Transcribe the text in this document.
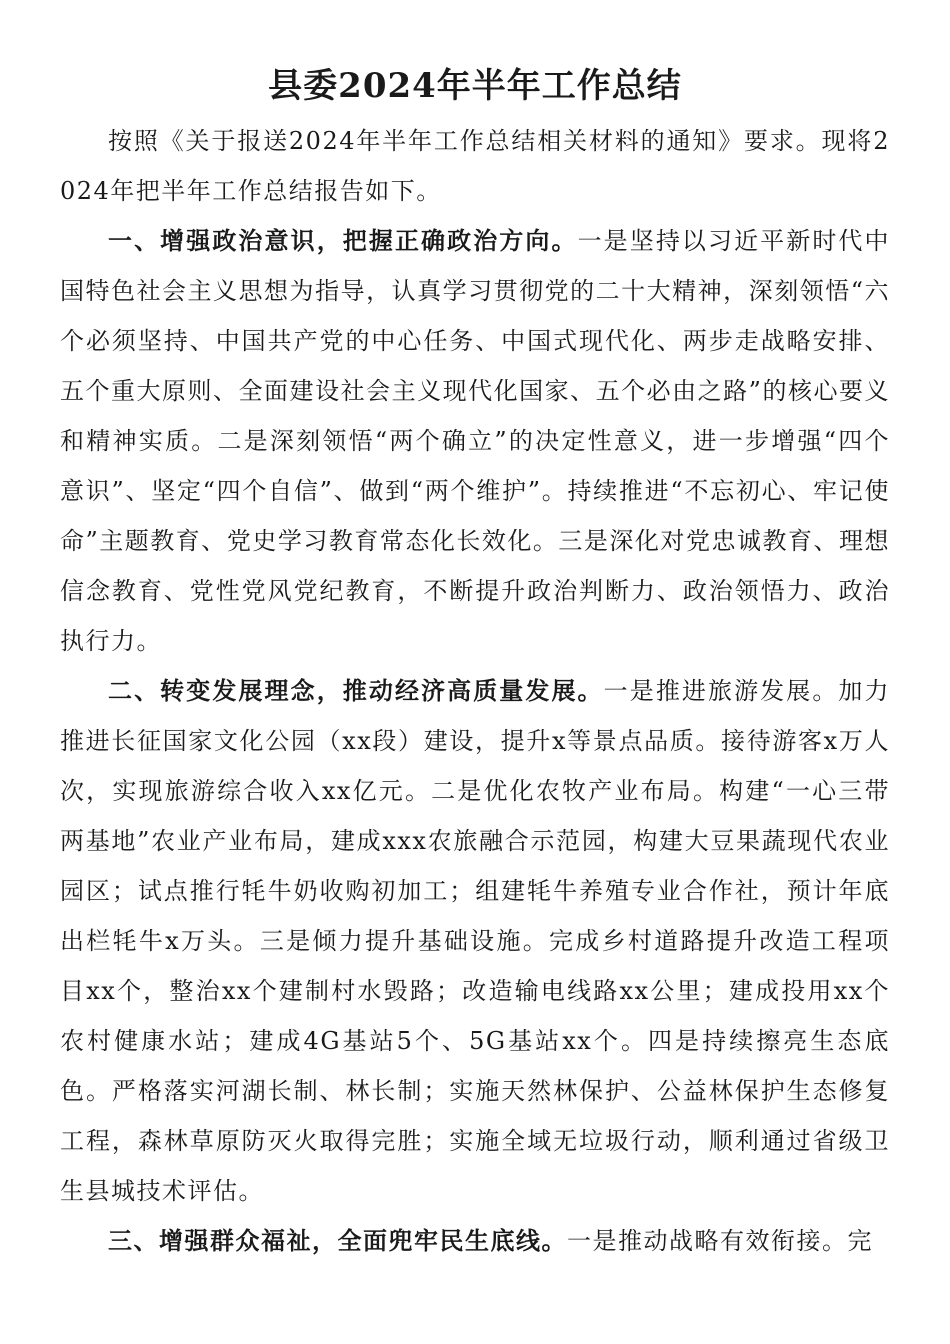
县委2024年半年工作总结

按照《关于报送2024年半年工作总结相关材料的通知》要求。现将2024年把半年工作总结报告如下。

一、增强政治意识，把握正确政治方向。一是坚持以习近平新时代中国特色社会主义思想为指导，认真学习贯彻党的二十大精神，深刻领悟“六个必须坚持、中国共产党的中心任务、中国式现代化、两步走战略安排、五个重大原则、全面建设社会主义现代化国家、五个必由之路”的核心要义和精神实质。二是深刻领悟“两个确立”的决定性意义，进一步增强“四个意识”、坚定“四个自信”、做到“两个维护”。持续推进“不忘初心、牢记使命”主题教育、党史学习教育常态化长效化。三是深化对党忠诚教育、理想信念教育、党性党风党纪教育，不断提升政治判断力、政治领悟力、政治执行力。

二、转变发展理念，推动经济高质量发展。一是推进旅游发展。加力推进长征国家文化公园（xx段）建设，提升x等景点品质。接待游客x万人次，实现旅游综合收入xx亿元。二是优化农牧产业布局。构建“一心三带两基地”农业产业布局，建成xxx农旅融合示范园，构建大豆果蔬现代农业园区；试点推行牦牛奶收购初加工；组建牦牛养殖专业合作社，预计年底出栏牦牛x万头。三是倾力提升基础设施。完成乡村道路提升改造工程项目xx个，整治xx个建制村水毁路；改造输电线路xx公里；建成投用xx个农村健康水站；建成4G基站5个、5G基站xx个。四是持续擦亮生态底色。严格落实河湖长制、林长制；实施天然林保护、公益林保护生态修复工程，森林草原防灭火取得完胜；实施全域无垃圾行动，顺利通过省级卫生县城技术评估。

三、增强群众福祉，全面兜牢民生底线。一是推动战略有效衔接。完
